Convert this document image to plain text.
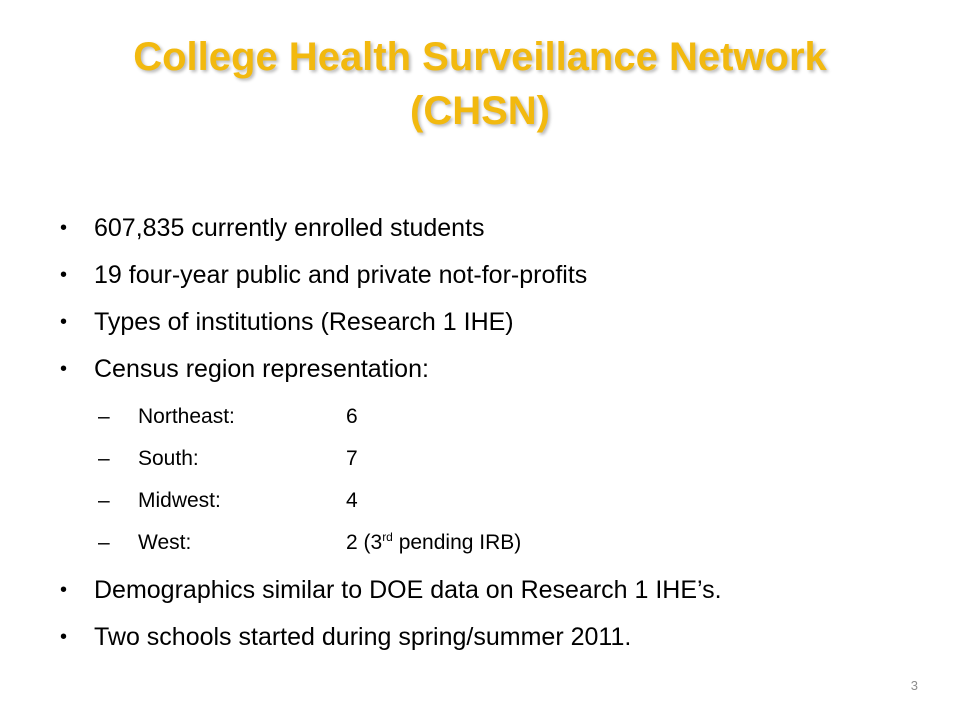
College Health Surveillance Network
(CHSN)
• 607,835 currently enrolled students
• 19 four-year public and private not-for-profits
• Types of institutions (Research 1 IHE)
• Census region representation:
– Northeast:	6
– South:	7
– Midwest:	4
– West:	2 (3rd pending IRB)
• Demographics similar to DOE data on Research 1 IHE’s.
• Two schools started during spring/summer 2011.
3
